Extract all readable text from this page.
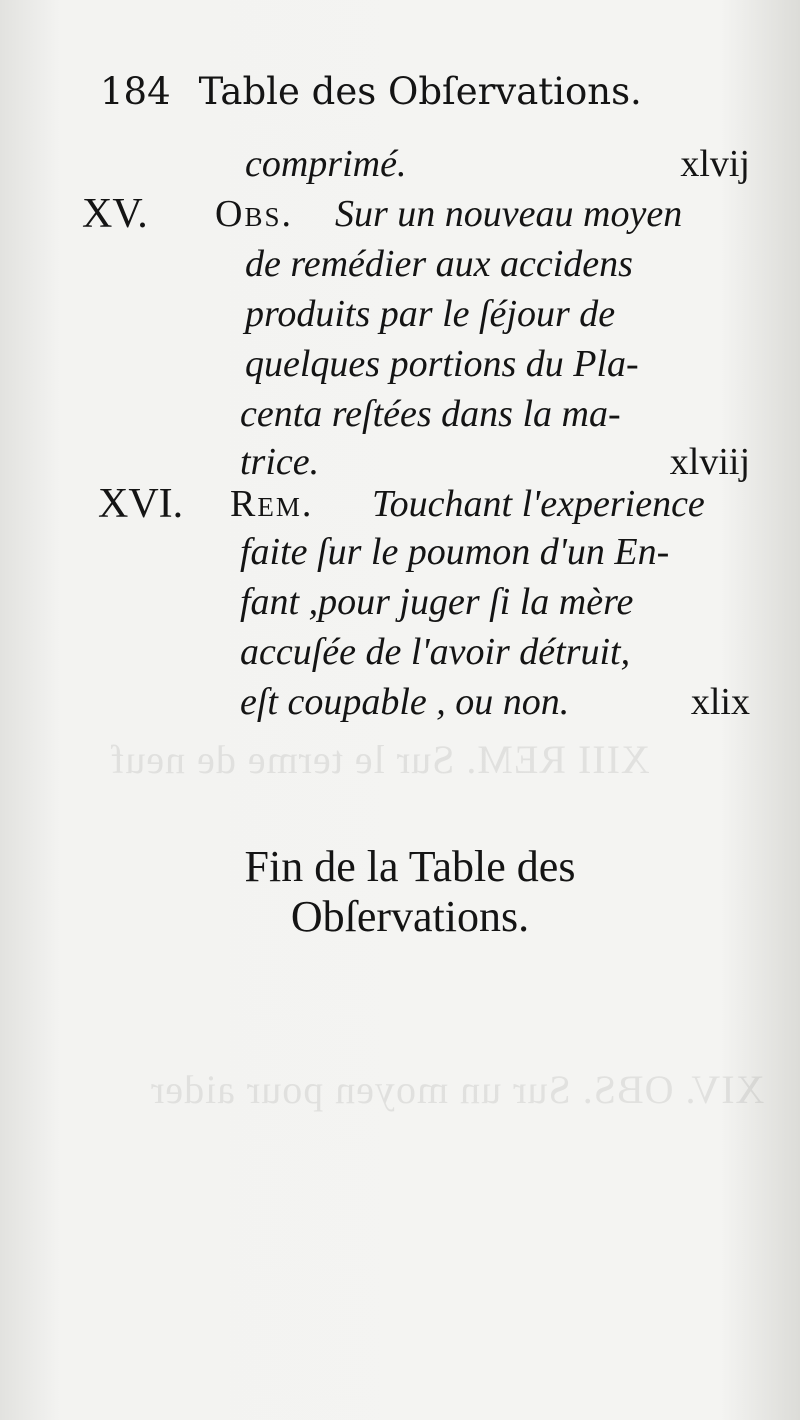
XIII REM. Sur le terme de neuf
XIV. OBS. Sur un moyen pour aider
184 Table des Obſervations.
comprimé.	xlvij
XV. Obs. Sur un nouveau moyen
de remédier aux accidens
produits par le ſéjour de
quelques portions du Pla-
centa reſtées dans la ma-
trice.	xlviij
XVI. Rem. Touchant l'experience
faite ſur le poumon d'un En-
fant ,pour juger ſi la mère
accuſée de l'avoir détruit,
eſt coupable , ou non.	xlix
Fin de la Table des
Obſervations.
